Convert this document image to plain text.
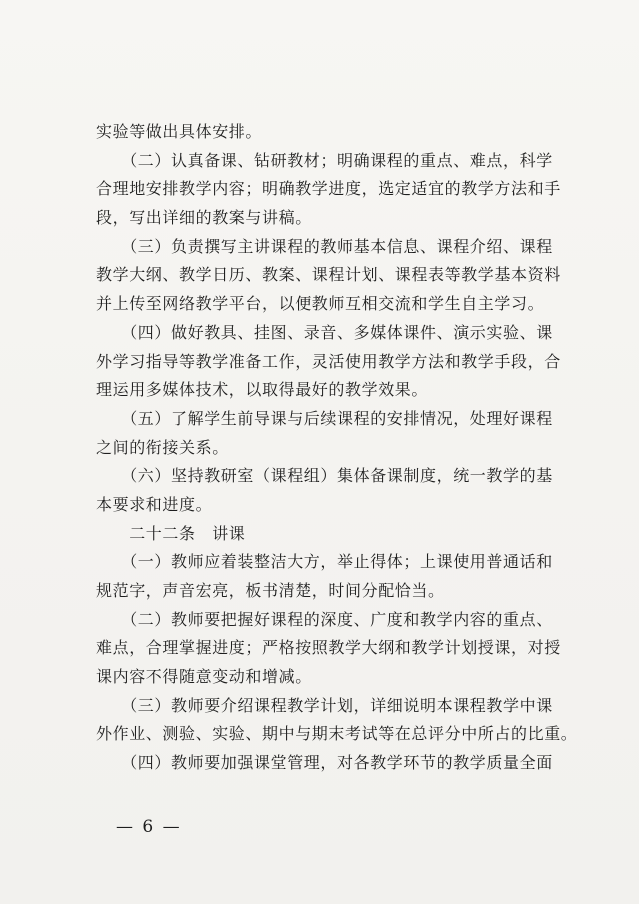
实验等做出具体安排。
　　（二）认真备课、钻研教材；明确课程的重点、难点，科学
合理地安排教学内容；明确教学进度，选定适宜的教学方法和手
段，写出详细的教案与讲稿。
　　（三）负责撰写主讲课程的教师基本信息、课程介绍、课程
教学大纲、教学日历、教案、课程计划、课程表等教学基本资料
并上传至网络教学平台，以便教师互相交流和学生自主学习。
　　（四）做好教具、挂图、录音、多媒体课件、演示实验、课
外学习指导等教学准备工作，灵活使用教学方法和教学手段，合
理运用多媒体技术，以取得最好的教学效果。
　　（五）了解学生前导课与后续课程的安排情况，处理好课程
之间的衔接关系。
　　（六）坚持教研室（课程组）集体备课制度，统一教学的基
本要求和进度。
　　二十二条　讲课
　　（一）教师应着装整洁大方，举止得体；上课使用普通话和
规范字，声音宏亮，板书清楚，时间分配恰当。
　　（二）教师要把握好课程的深度、广度和教学内容的重点、
难点，合理掌握进度；严格按照教学大纲和教学计划授课，对授
课内容不得随意变动和增减。
　　（三）教师要介绍课程教学计划，详细说明本课程教学中课
外作业、测验、实验、期中与期末考试等在总评分中所占的比重。
　　（四）教师要加强课堂管理，对各教学环节的教学质量全面
— 6 —
